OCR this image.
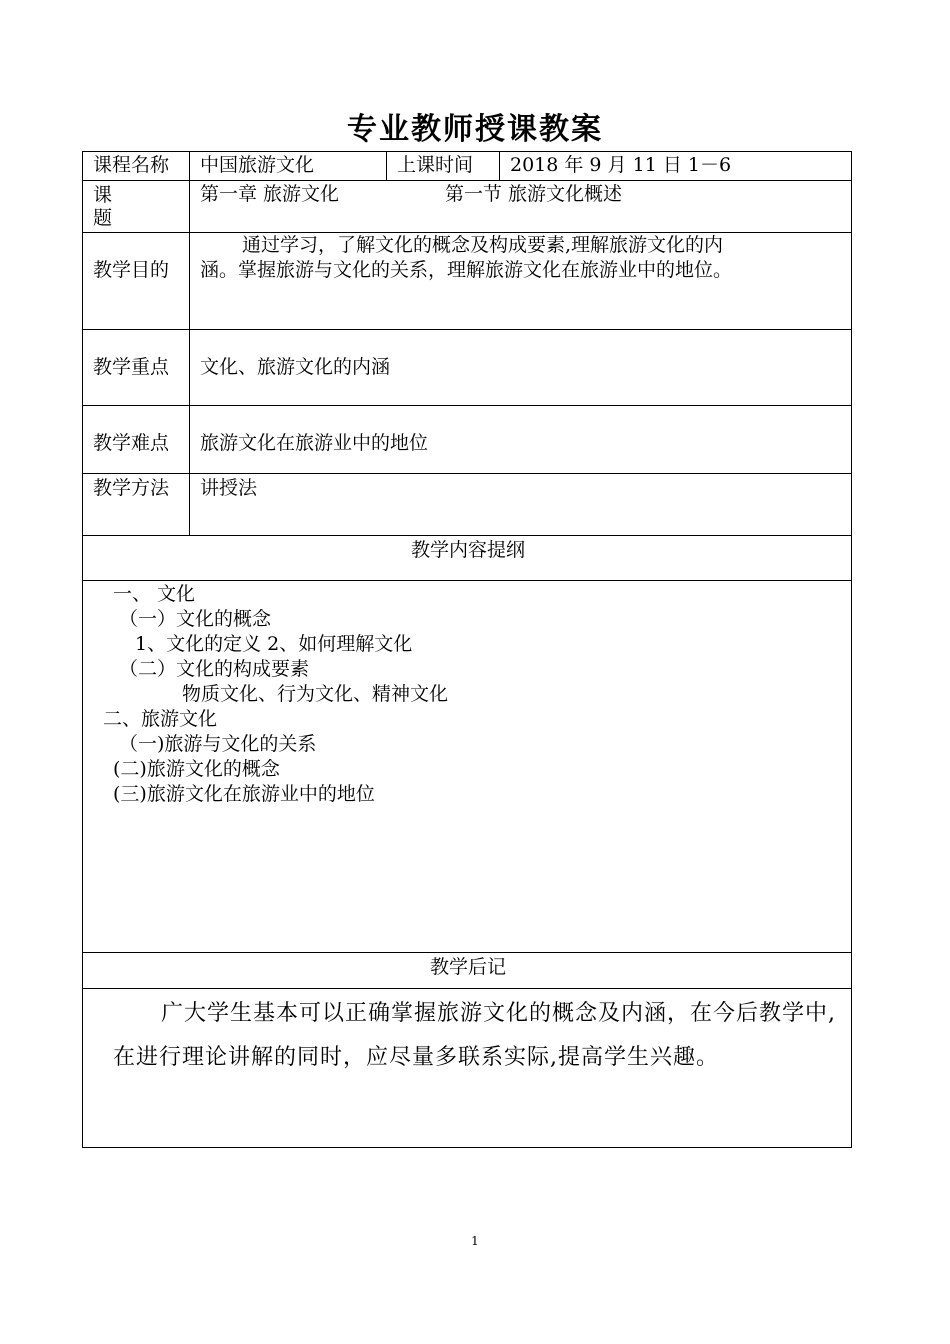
专业教师授课教案
课程名称 中国旅游文化	上课时间 2018 年 9 月 11 日 1－6
课
题
第一章 旅游文化	第一节 旅游文化概述
教学目的
通过学习，了解文化的概念及构成要素,理解旅游文化的内
涵。掌握旅游与文化的关系，理解旅游文化在旅游业中的地位。
教学重点 文化、旅游文化的内涵
教学难点 旅游文化在旅游业中的地位
教学方法 讲授法
教学内容提纲
一、 文化
（一）文化的概念
1、文化的定义 2、如何理解文化
（二）文化的构成要素
物质文化、行为文化、精神文化
二、旅游文化
（一)旅游与文化的关系
(二)旅游文化的概念
(三)旅游文化在旅游业中的地位
教学后记
广大学生基本可以正确掌握旅游文化的概念及内涵，在今后教学中,在进行理论讲解的同时，应尽量多联系实际,提高学生兴趣。
1
